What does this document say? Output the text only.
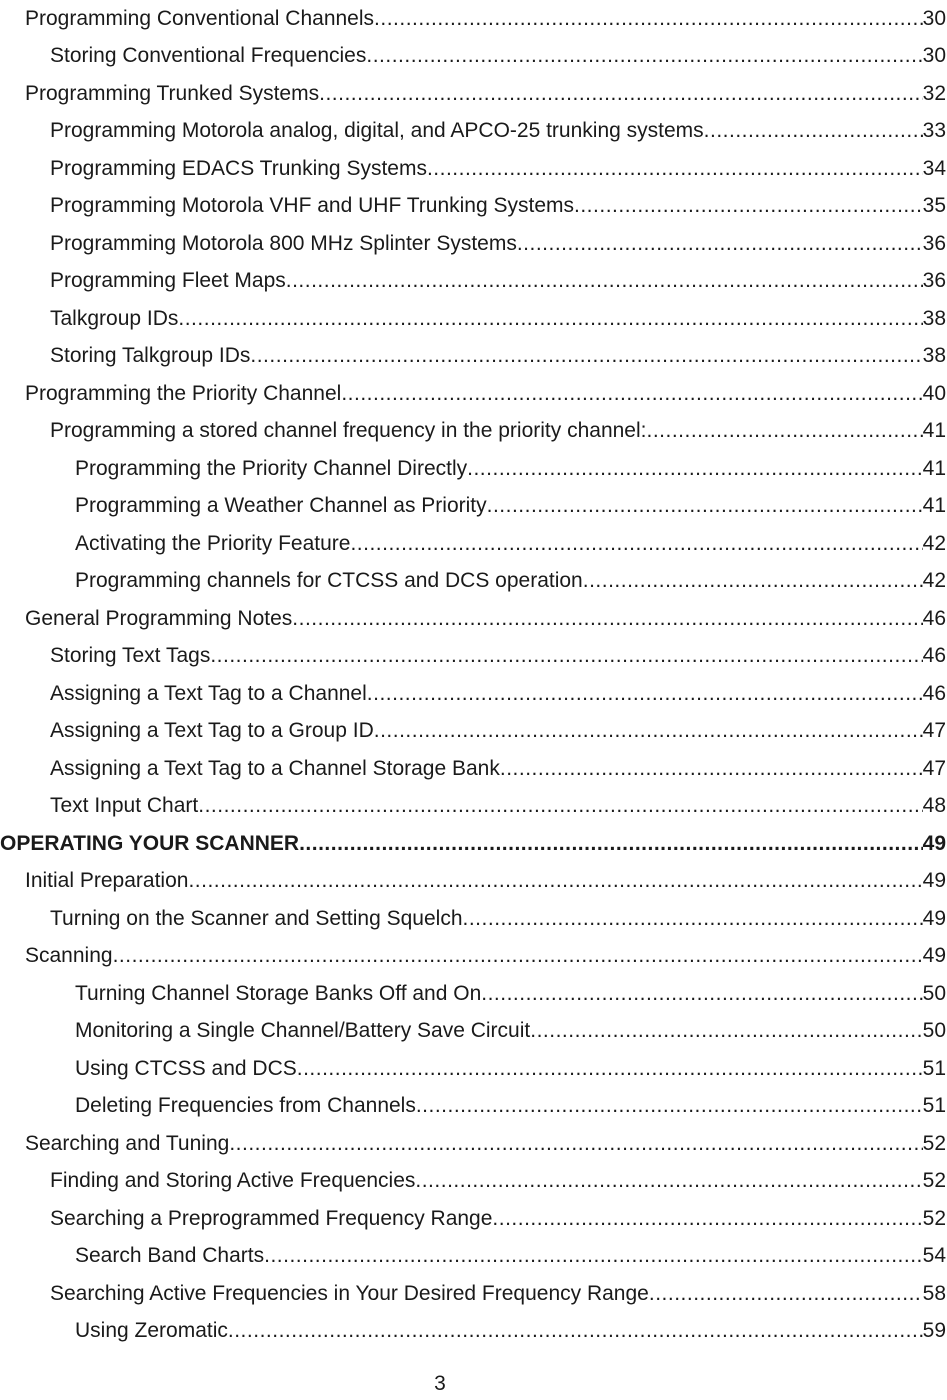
Programming Conventional Channels .....	30
Storing Conventional Frequencies .....	30
Programming Trunked Systems .....	32
Programming Motorola analog, digital, and APCO-25 trunking systems .....	33
Programming EDACS Trunking Systems .....	34
Programming Motorola VHF and UHF Trunking Systems .....	35
Programming Motorola 800 MHz Splinter Systems .....	36
Programming Fleet Maps .....	36
Talkgroup IDs .....	38
Storing Talkgroup IDs .....	38
Programming the Priority Channel .....	40
Programming a stored channel frequency in the priority channel: .....	41
Programming the Priority Channel Directly .....	41
Programming a Weather Channel as Priority .....	41
Activating the Priority Feature .....	42
Programming channels for CTCSS and DCS operation .....	42
General Programming Notes .....	46
Storing Text Tags .....	46
Assigning a Text Tag to a Channel .....	46
Assigning a Text Tag to a Group ID .....	47
Assigning a Text Tag to a Channel Storage Bank .....	47
Text Input Chart .....	48
OPERATING YOUR SCANNER .....	49
Initial Preparation .....	49
Turning on the Scanner and Setting Squelch .....	49
Scanning .....	49
Turning Channel Storage Banks Off and On .....	50
Monitoring a Single Channel/Battery Save Circuit .....	50
Using CTCSS and DCS .....	51
Deleting Frequencies from Channels .....	51
Searching and Tuning .....	52
Finding and Storing Active Frequencies .....	52
Searching a Preprogrammed Frequency Range .....	52
Search Band Charts .....	54
Searching Active Frequencies in Your Desired Frequency Range .....	58
Using Zeromatic .....	59
3
